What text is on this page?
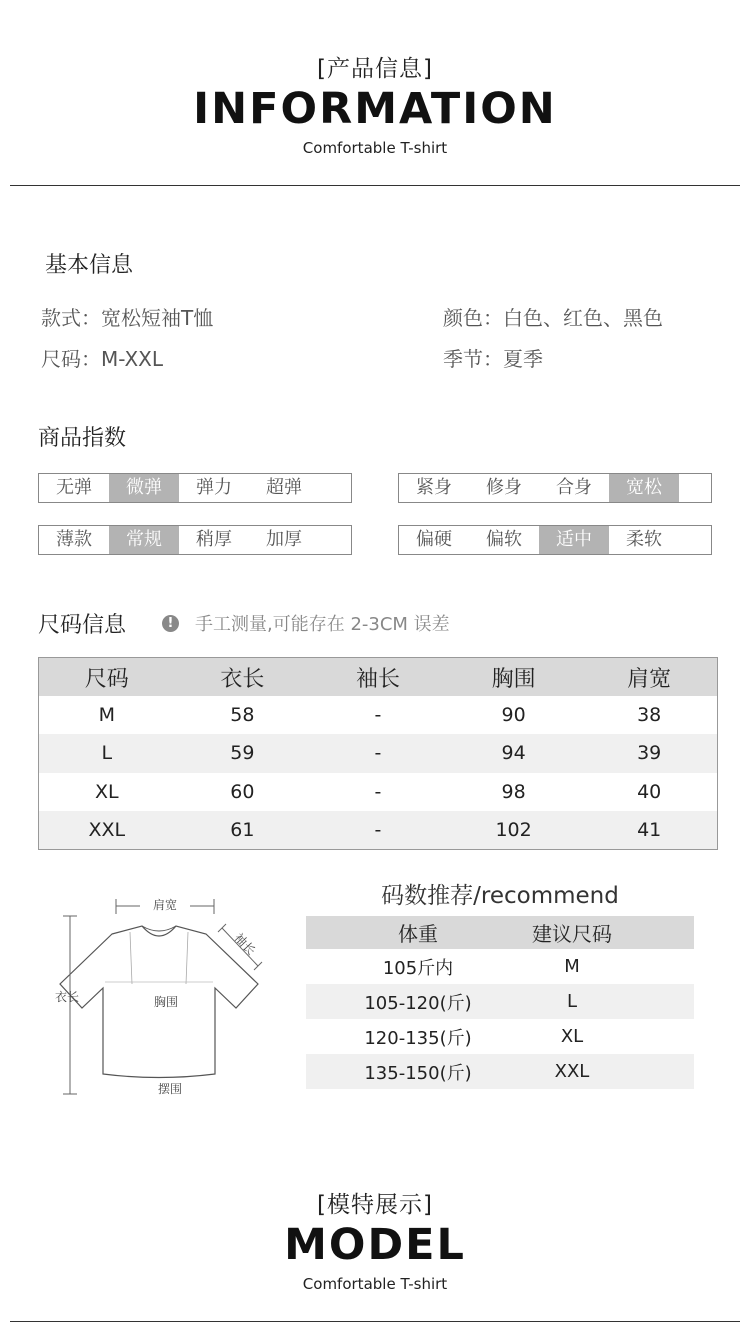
[产品信息]
INFORMATION
Comfortable T-shirt
基本信息
款式：宽松短袖T恤	颜色：白色、红色、黑色
尺码：M-XXL	季节：夏季
商品指数
无弹	微弹	弹力	超弹	紧身	修身	合身	宽松
薄款	常规	稍厚	加厚	偏硬	偏软	适中	柔软
尺码信息	!	手工测量,可能存在 2-3CM 误差
尺码	衣长	袖长	胸围	肩宽
M	58	-	90	38
L	59	-	94	39
XL	60	-	98	40
XXL	61	-	102	41
肩宽
袖长
衣长	胸围
摆围
码数推荐/recommend
体重	建议尺码
105斤内	M
105-120(斤)	L
120-135(斤)	XL
135-150(斤)	XXL
[模特展示]
MODEL
Comfortable T-shirt
